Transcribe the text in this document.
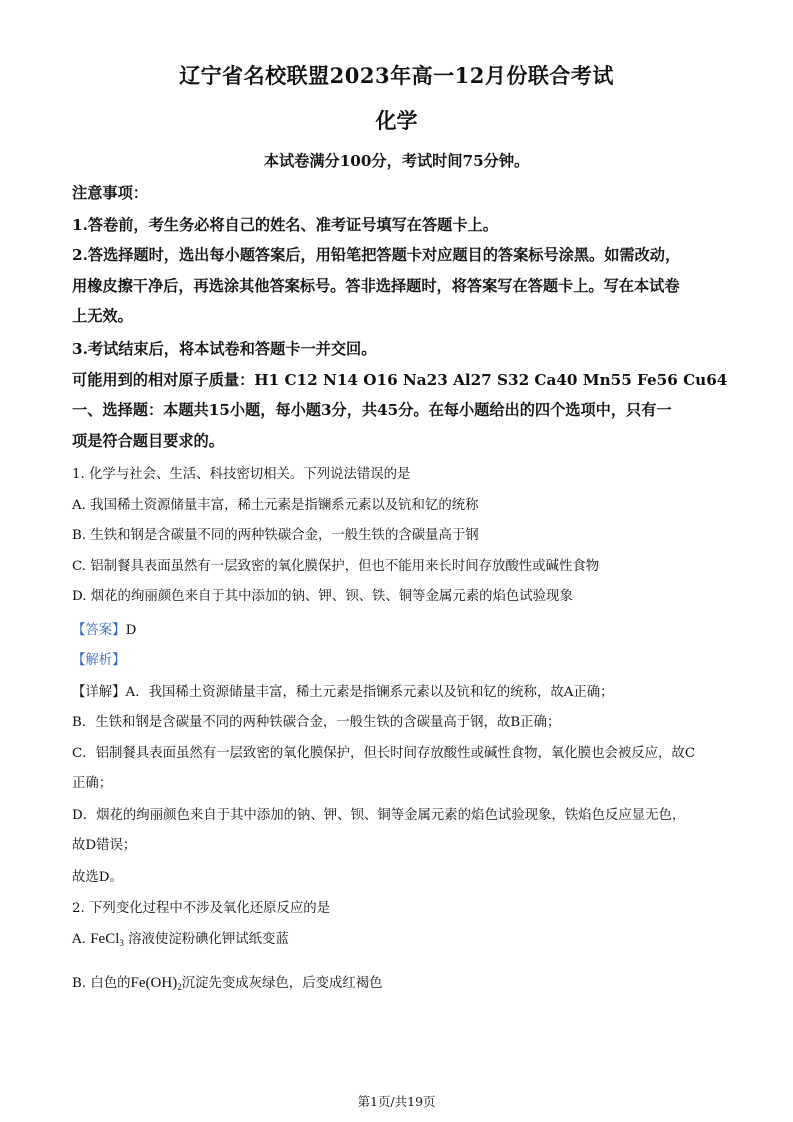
辽宁省名校联盟2023年高一12月份联合考试
化学
本试卷满分100分，考试时间75分钟。
注意事项：
1.答卷前，考生务必将自己的姓名、准考证号填写在答题卡上。
2.答选择题时，选出每小题答案后，用铅笔把答题卡对应题目的答案标号涂黑。如需改动，
用橡皮擦干净后，再选涂其他答案标号。答非选择题时，将答案写在答题卡上。写在本试卷
上无效。
3.考试结束后，将本试卷和答题卡一并交回。
可能用到的相对原子质量：H1 C12 N14 O16 Na23 Al27 S32 Ca40 Mn55 Fe56 Cu64
一、选择题：本题共15小题，每小题3分，共45分。在每小题给出的四个选项中，只有一
项是符合题目要求的。
1. 化学与社会、生活、科技密切相关。下列说法错误的是
A. 我国稀土资源储量丰富，稀土元素是指镧系元素以及钪和钇的统称
B. 生铁和钢是含碳量不同的两种铁碳合金，一般生铁的含碳量高于钢
C. 铝制餐具表面虽然有一层致密的氧化膜保护，但也不能用来长时间存放酸性或碱性食物
D. 烟花的绚丽颜色来自于其中添加的钠、钾、钡、铁、铜等金属元素的焰色试验现象
【答案】D
【解析】
【详解】A．我国稀土资源储量丰富，稀土元素是指镧系元素以及钪和钇的统称，故A正确；
B．生铁和钢是含碳量不同的两种铁碳合金，一般生铁的含碳量高于钢，故B正确；
C．铝制餐具表面虽然有一层致密的氧化膜保护，但长时间存放酸性或碱性食物，氧化膜也会被反应，故C
正确；
D．烟花的绚丽颜色来自于其中添加的钠、钾、钡、铜等金属元素的焰色试验现象，铁焰色反应显无色，
故D错误；
故选D。
2. 下列变化过程中不涉及氧化还原反应的是
A. FeCl$_3$ 溶液使淀粉碘化钾试纸变蓝
B. 白色的$Fe(OH)_2$沉淀先变成灰绿色，后变成红褐色
第1页/共19页
